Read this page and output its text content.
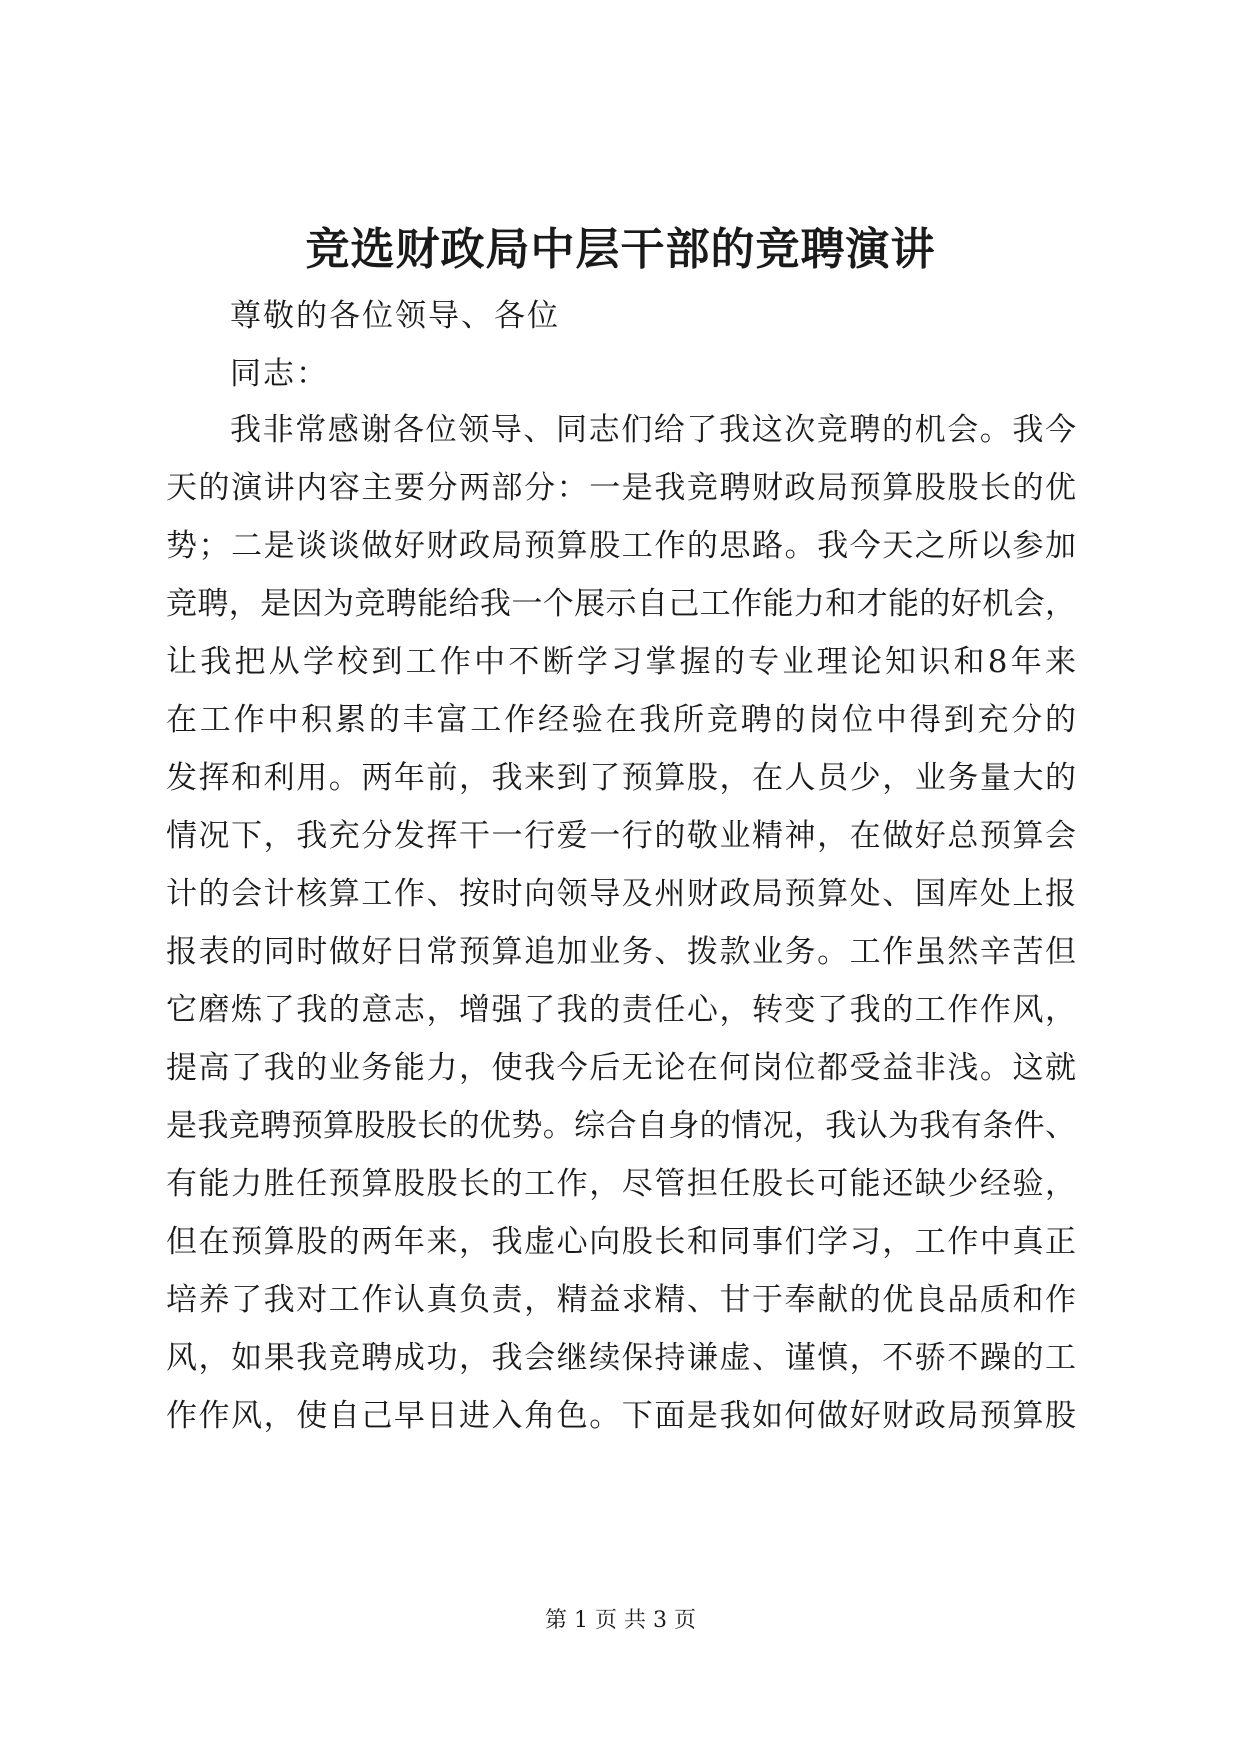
竞选财政局中层干部的竞聘演讲
尊敬的各位领导、各位
同志：
我非常感谢各位领导、同志们给了我这次竞聘的机会。我今
天的演讲内容主要分两部分：一是我竞聘财政局预算股股长的优
势；二是谈谈做好财政局预算股工作的思路。我今天之所以参加
竞聘，是因为竞聘能给我一个展示自己工作能力和才能的好机会，
让我把从学校到工作中不断学习掌握的专业理论知识和8年来
在工作中积累的丰富工作经验在我所竞聘的岗位中得到充分的
发挥和利用。两年前，我来到了预算股，在人员少，业务量大的
情况下，我充分发挥干一行爱一行的敬业精神，在做好总预算会
计的会计核算工作、按时向领导及州财政局预算处、国库处上报
报表的同时做好日常预算追加业务、拨款业务。工作虽然辛苦但
它磨炼了我的意志，增强了我的责任心，转变了我的工作作风，
提高了我的业务能力，使我今后无论在何岗位都受益非浅。这就
是我竞聘预算股股长的优势。综合自身的情况，我认为我有条件、
有能力胜任预算股股长的工作，尽管担任股长可能还缺少经验，
但在预算股的两年来，我虚心向股长和同事们学习，工作中真正
培养了我对工作认真负责，精益求精、甘于奉献的优良品质和作
风，如果我竞聘成功，我会继续保持谦虚、谨慎，不骄不躁的工
作作风，使自己早日进入角色。下面是我如何做好财政局预算股
第 1 页 共 3 页
